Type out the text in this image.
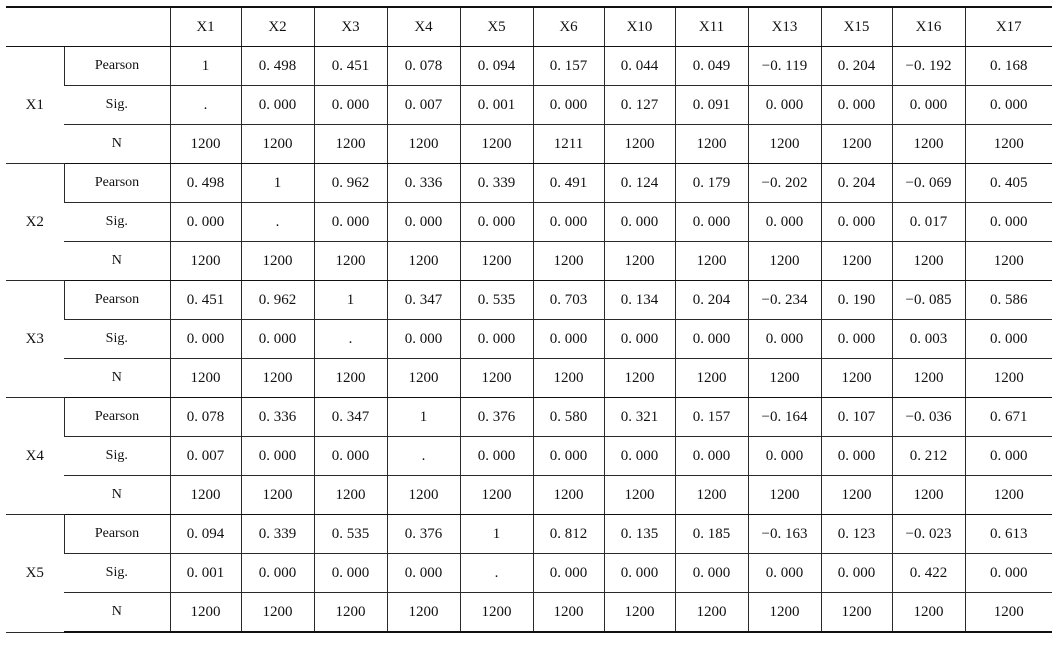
		X1	X2	X3	X4	X5	X6	X10	X11	X13	X15	X16	X17
X1	Pearson	1	0. 498	0. 451	0. 078	0. 094	0. 157	0. 044	0. 049	−0. 119	0. 204	−0. 192	0. 168
	Sig.	.	0. 000	0. 000	0. 007	0. 001	0. 000	0. 127	0. 091	0. 000	0. 000	0. 000	0. 000
	N	1200	1200	1200	1200	1200	1211	1200	1200	1200	1200	1200	1200
X2	Pearson	0. 498	1	0. 962	0. 336	0. 339	0. 491	0. 124	0. 179	−0. 202	0. 204	−0. 069	0. 405
	Sig.	0. 000	.	0. 000	0. 000	0. 000	0. 000	0. 000	0. 000	0. 000	0. 000	0. 017	0. 000
	N	1200	1200	1200	1200	1200	1200	1200	1200	1200	1200	1200	1200
X3	Pearson	0. 451	0. 962	1	0. 347	0. 535	0. 703	0. 134	0. 204	−0. 234	0. 190	−0. 085	0. 586
	Sig.	0. 000	0. 000	.	0. 000	0. 000	0. 000	0. 000	0. 000	0. 000	0. 000	0. 003	0. 000
	N	1200	1200	1200	1200	1200	1200	1200	1200	1200	1200	1200	1200
X4	Pearson	0. 078	0. 336	0. 347	1	0. 376	0. 580	0. 321	0. 157	−0. 164	0. 107	−0. 036	0. 671
	Sig.	0. 007	0. 000	0. 000	.	0. 000	0. 000	0. 000	0. 000	0. 000	0. 000	0. 212	0. 000
	N	1200	1200	1200	1200	1200	1200	1200	1200	1200	1200	1200	1200
X5	Pearson	0. 094	0. 339	0. 535	0. 376	1	0. 812	0. 135	0. 185	−0. 163	0. 123	−0. 023	0. 613
	Sig.	0. 001	0. 000	0. 000	0. 000	.	0. 000	0. 000	0. 000	0. 000	0. 000	0. 422	0. 000
	N	1200	1200	1200	1200	1200	1200	1200	1200	1200	1200	1200	1200
